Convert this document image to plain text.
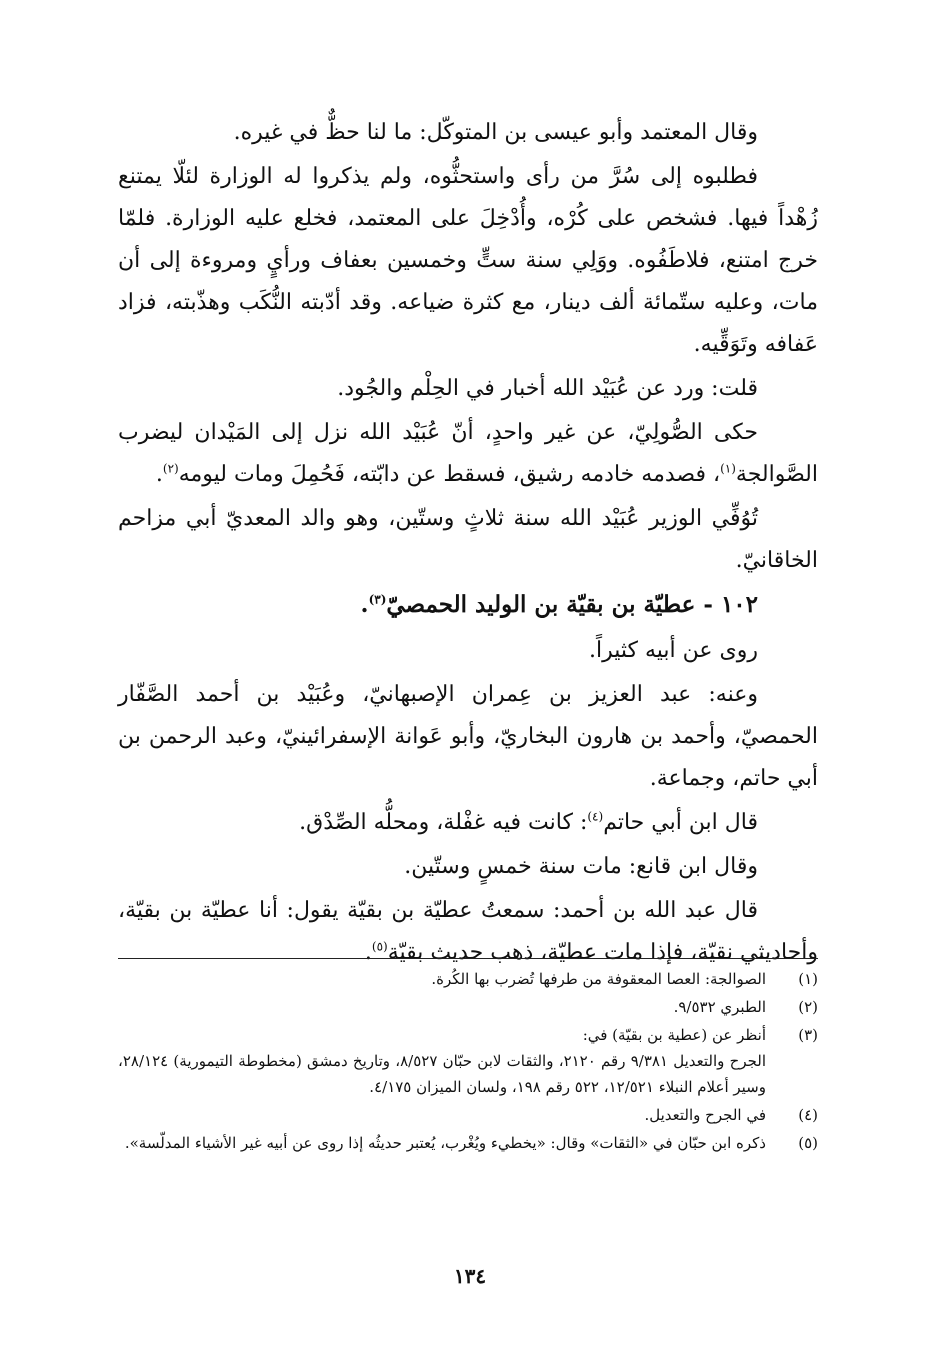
وقال المعتمد وأبو عيسى بن المتوكّل: ما لنا حظٌّ في غيره.

فطلبوه إلى سُرَّ من رأى واستحثُّوه، ولم يذكروا له الوزارة لئلّا يمتنع زُهْداً فيها. فشخص على كُرْه، وأُدْخِلَ على المعتمد، فخلع عليه الوزارة. فلمّا خرج امتنع، فلاطَفُوه. ووَلِي سنة ستٍّ وخمسين بعفاف ورأيٍ ومروءة إلى أن مات، وعليه ستّمائة ألف دينار، مع كثرة ضياعه. وقد أدّبته النُّكَب وهذّبته، فزاد عَفافه وتَوَقِّيه.

قلت: ورد عن عُبَيْد الله أخبار في الحِلْم والجُود.

حكى الصُّولِيّ، عن غير واحدٍ، أنّ عُبَيْد الله نزل إلى المَيْدان ليضرب الصَّوالجة$^{(١)}$، فصدمه خادمه رشيق، فسقط عن دابّته، فَحُمِلَ ومات ليومه$^{(٢)}$.

تُوُفِّي الوزير عُبَيْد الله سنة ثلاثٍ وستّين، وهو والد المعديّ أبي مزاحم الخاقانيّ.

١٠٢ - عطيّة بن بقيّة بن الوليد الحمصيّ$^{(٣)}$.

روى عن أبيه كثيراً.

وعنه: عبد العزيز بن عِمران الإصبهانيّ، وعُبَيْد بن أحمد الصَّفّار الحمصيّ، وأحمد بن هارون البخاريّ، وأبو عَوانة الإسفرائينيّ، وعبد الرحمن بن أبي حاتم، وجماعة.

قال ابن أبي حاتم$^{(٤)}$: كانت فيه غفْلة، ومحلُّه الصِّدْق.

وقال ابن قانع: مات سنة خمسٍ وستّين.

قال عبد الله بن أحمد: سمعتُ عطيّة بن بقيّة يقول: أنا عطيّة بن بقيّة، وأحاديثي نقيّة، فإذا مات عطيّة، ذهب حديث بقيّة$^{(٥)}$.

(١)
الصوالجة: العصا المعقوفة من طرفها تُضرب بها الكُرة.
(٢)
الطبري ٩/٥٣٢.
(٣)
أنظر عن (عطية بن بقيّة) في:
الجرح والتعديل ٩/٣٨١ رقم ٢١٢٠، والثقات لابن حبّان ٨/٥٢٧، وتاريخ دمشق (مخطوطة التيمورية) ٢٨/١٢٤، وسير أعلام النبلاء ١٢/٥٢١، ٥٢٢ رقم ١٩٨، ولسان الميزان ٤/١٧٥.
(٤)
في الجرح والتعديل.
(٥)
ذكره ابن حبّان في «الثقات» وقال: «يخطيء ويُغْرب، يُعتبر حديثُه إذا روى عن أبيه غير الأشياء المدلّسة».
١٣٤
